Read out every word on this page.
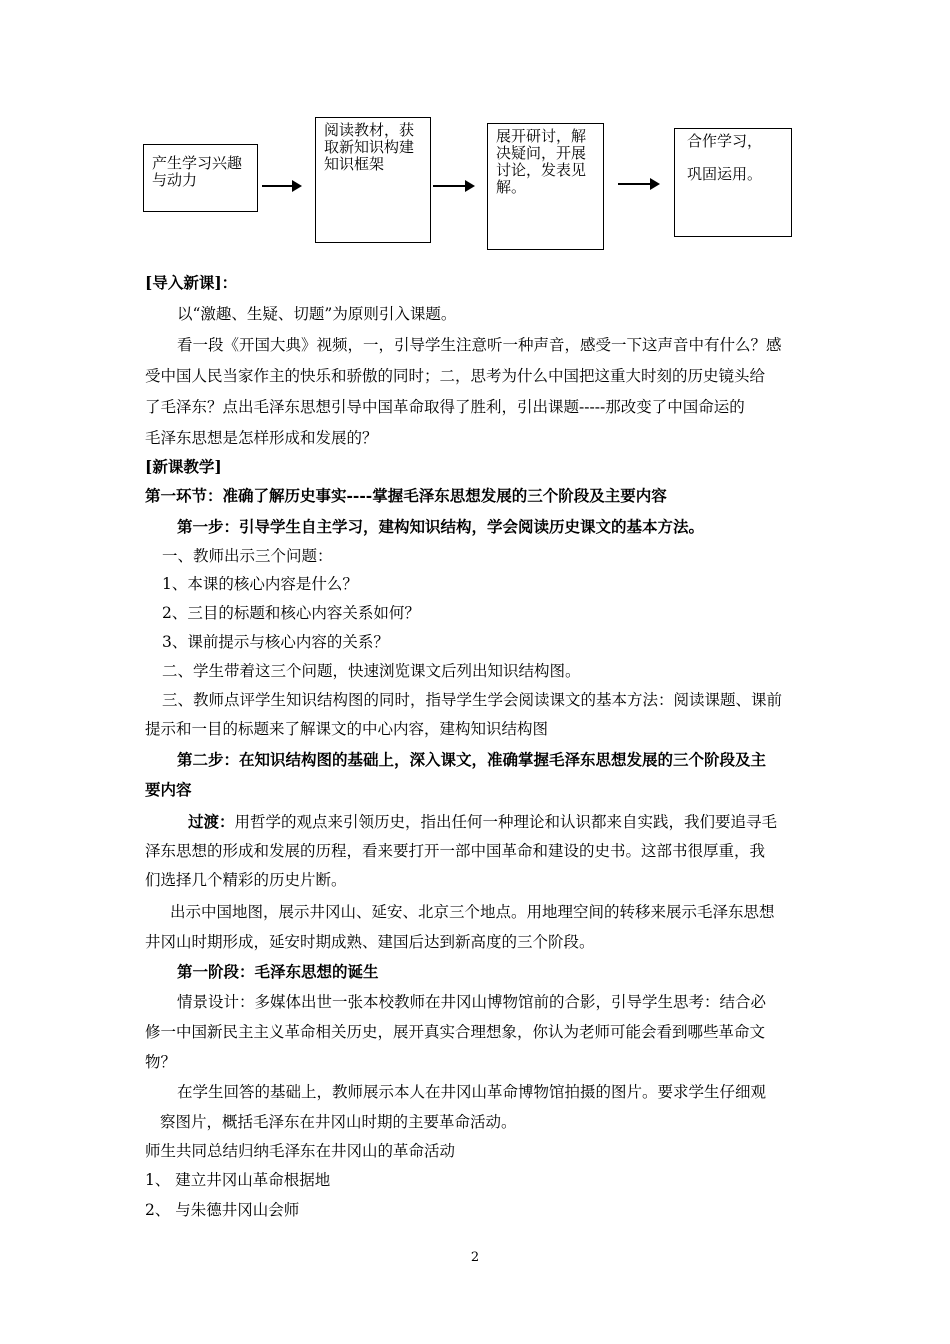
产生学习兴趣与动力
阅读教材，获取新知识构建知识框架
展开研讨，解决疑问，开展讨论，发表见解。
合作学习，
巩固运用。
[导入新课]：
以“激趣、生疑、切题”为原则引入课题。
看一段《开国大典》视频，一，引导学生注意听一种声音，感受一下这声音中有什么？感
受中国人民当家作主的快乐和骄傲的同时；二，思考为什么中国把这重大时刻的历史镜头给
了毛泽东？点出毛泽东思想引导中国革命取得了胜利，引出课题-----那改变了中国命运的
毛泽东思想是怎样形成和发展的？
[新课教学]
第一环节：准确了解历史事实----掌握毛泽东思想发展的三个阶段及主要内容
第一步：引导学生自主学习，建构知识结构，学会阅读历史课文的基本方法。
一、教师出示三个问题：
1、本课的核心内容是什么？
2、三目的标题和核心内容关系如何？
3、课前提示与核心内容的关系？
二、学生带着这三个问题，快速浏览课文后列出知识结构图。
三、教师点评学生知识结构图的同时，指导学生学会阅读课文的基本方法：阅读课题、课前
提示和一目的标题来了解课文的中心内容，建构知识结构图
第二步：在知识结构图的基础上，深入课文，准确掌握毛泽东思想发展的三个阶段及主
要内容
过渡：用哲学的观点来引领历史，指出任何一种理论和认识都来自实践，我们要追寻毛
泽东思想的形成和发展的历程，看来要打开一部中国革命和建设的史书。这部书很厚重，我
们选择几个精彩的历史片断。
出示中国地图，展示井冈山、延安、北京三个地点。用地理空间的转移来展示毛泽东思想
井冈山时期形成，延安时期成熟、建国后达到新高度的三个阶段。
第一阶段：毛泽东思想的诞生
情景设计：多媒体出世一张本校教师在井冈山博物馆前的合影，引导学生思考：结合必
修一中国新民主主义革命相关历史，展开真实合理想象，你认为老师可能会看到哪些革命文
物？
在学生回答的基础上，教师展示本人在井冈山革命博物馆拍摄的图片。要求学生仔细观
察图片，概括毛泽东在井冈山时期的主要革命活动。
师生共同总结归纳毛泽东在井冈山的革命活动
1、 建立井冈山革命根据地
2、 与朱德井冈山会师
2
